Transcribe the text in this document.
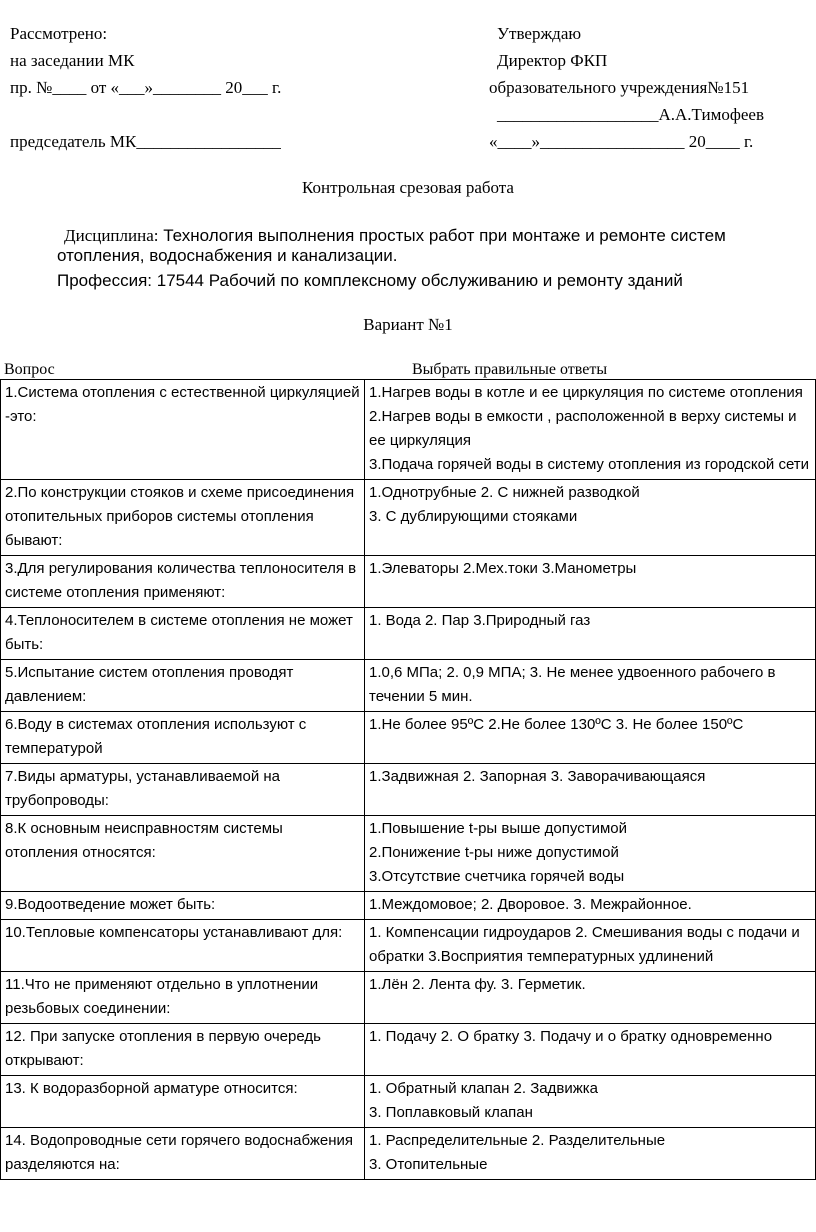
Рассмотрено:
на заседании МК
пр. №____ от «___»________ 20___ г.
председатель МК_________________
Утверждаю
Директор ФКП
образовательного учреждения№151
___________________А.А.Тимофеев
«____»_________________ 20____ г.
Контрольная срезовая работа
Дисциплина: Технология выполнения простых работ при монтаже и ремонте систем отопления, водоснабжения и канализации.
Профессия: 17544 Рабочий по комплексному обслуживанию и ремонту зданий
Вариант №1
Вопрос	Выбрать правильные ответы
1.Система отопления с естественной циркуляцией -это:	1.Нагрев воды в котле и ее циркуляция по системе отопления
2.Нагрев воды в емкости , расположенной в верху системы и ее циркуляция
3.Подача горячей воды в систему отопления из городской сети

2.По конструкции стояков и схеме присоединения отопительных приборов системы отопления бывают:	1.Однотрубные 2. С нижней разводкой
3. С дублирующими стояками

3.Для регулирования количества теплоносителя в системе отопления применяют:	1.Элеваторы 2.Мех.токи 3.Манометры

4.Теплоносителем в системе отопления не может быть:	1. Вода 2. Пар 3.Природный газ

5.Испытание систем отопления проводят давлением:	1.0,6 МПа; 2. 0,9 МПА; 3. Не менее удвоенного рабочего в течении 5 мин.

6.Воду в системах отопления используют с температурой	1.Не более 95ºС 2.Не более 130ºС 3. Не более 150ºС

7.Виды арматуры, устанавливаемой на трубопроводы:	1.Задвижная 2. Запорная 3. Заворачивающаяся

8.К основным неисправностям системы отопления относятся:	1.Повышение t-ры выше допустимой
2.Понижение t-ры ниже допустимой
3.Отсутствие счетчика горячей воды

9.Водоотведение может быть:	1.Междомовое; 2. Дворовое. 3. Межрайонное.

10.Тепловые компенсаторы устанавливают для:	1. Компенсации гидроударов 2. Смешивания воды с подачи и обратки 3.Восприятия температурных удлинений

11.Что не применяют отдельно в уплотнении резьбовых соединении:	1.Лён 2. Лента фу. 3. Герметик.

12. При запуске отопления в первую очередь открывают:	1. Подачу 2. О братку 3. Подачу и о братку одновременно

13. К водоразборной арматуре относится:	1. Обратный клапан 2. Задвижка
3. Поплавковый клапан

14. Водопроводные сети горячего водоснабжения разделяются на:	1. Распределительные 2. Разделительные
3. Отопительные
